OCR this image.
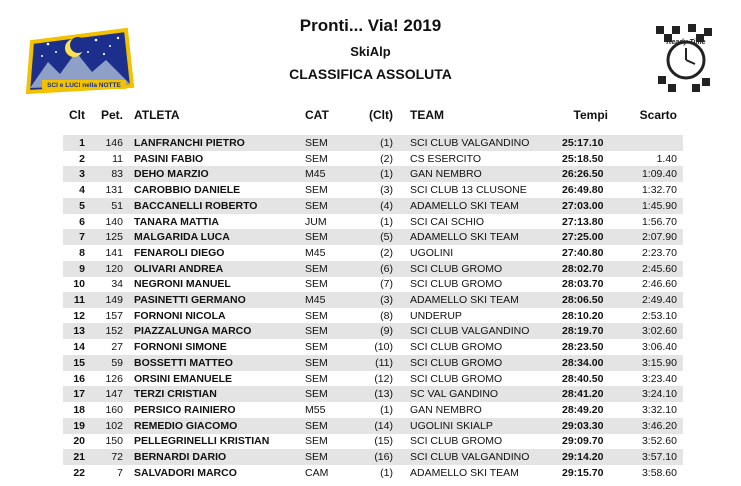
SCI e LUCI nella NOTTE
Ready Time
Pronti... Via! 2019
SkiAlp
CLASSIFICA ASSOLUTA
Clt	Pet. ATLETA	CAT	(Clt) TEAM	Tempi	Scarto
1	146 LANFRANCHI PIETRO	SEM	(1) SCI CLUB VALGANDINO	25:17.10
2	11 PASINI FABIO	SEM	(2) CS ESERCITO	25:18.50	1.40
3	83 DEHO MARZIO	M45	(1) GAN NEMBRO	26:26.50	1:09.40
4	131 CAROBBIO DANIELE	SEM	(3) SCI CLUB 13 CLUSONE	26:49.80	1:32.70
5	51 BACCANELLI ROBERTO	SEM	(4) ADAMELLO SKI TEAM	27:03.00	1:45.90
6	140 TANARA MATTIA	JUM	(1) SCI CAI SCHIO	27:13.80	1:56.70
7	125 MALGARIDA LUCA	SEM	(5) ADAMELLO SKI TEAM	27:25.00	2:07.90
8	141 FENAROLI DIEGO	M45	(2) UGOLINI	27:40.80	2:23.70
9	120 OLIVARI ANDREA	SEM	(6) SCI CLUB GROMO	28:02.70	2:45.60
10	34 NEGRONI MANUEL	SEM	(7) SCI CLUB GROMO	28:03.70	2:46.60
11	149 PASINETTI GERMANO	M45	(3) ADAMELLO SKI TEAM	28:06.50	2:49.40
12	157 FORNONI NICOLA	SEM	(8) UNDERUP	28:10.20	2:53.10
13	152 PIAZZALUNGA MARCO	SEM	(9) SCI CLUB VALGANDINO	28:19.70	3:02.60
14	27 FORNONI SIMONE	SEM	(10) SCI CLUB GROMO	28:23.50	3:06.40
15	59 BOSSETTI MATTEO	SEM	(11) SCI CLUB GROMO	28:34.00	3:15.90
16	126 ORSINI EMANUELE	SEM	(12) SCI CLUB GROMO	28:40.50	3:23.40
17	147 TERZI CRISTIAN	SEM	(13) SC VAL GANDINO	28:41.20	3:24.10
18	160 PERSICO RAINIERO	M55	(1) GAN NEMBRO	28:49.20	3:32.10
19	102 REMEDIO GIACOMO	SEM	(14) UGOLINI SKIALP	29:03.30	3:46.20
20	150 PELLEGRINELLI KRISTIAN	SEM	(15) SCI CLUB GROMO	29:09.70	3:52.60
21	72 BERNARDI DARIO	SEM	(16) SCI CLUB VALGANDINO	29:14.20	3:57.10
22	7 SALVADORI MARCO	CAM	(1) ADAMELLO SKI TEAM	29:15.70	3:58.60
